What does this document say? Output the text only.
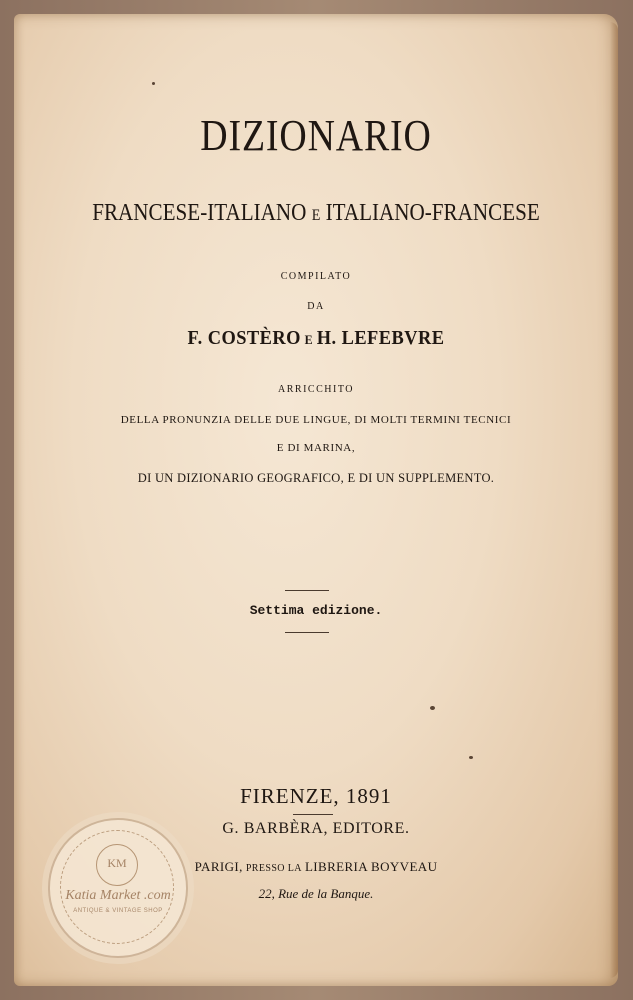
DIZIONARIO
FRANCESE-ITALIANO E ITALIANO-FRANCESE
COMPILATO
DA
F. COSTÈRO E H. LEFEBVRE
ARRICCHITO
DELLA PRONUNZIA DELLE DUE LINGUE, DI MOLTI TERMINI TECNICI
E DI MARINA,
DI UN DIZIONARIO GEOGRAFICO, E DI UN SUPPLEMENTO.
Settima edizione.
FIRENZE, 1891
G. BARBÈRA, EDITORE.
PARIGI, PRESSO LA LIBRERIA BOYVEAU
22, Rue de la Banque.
KM
Katia Market .com
ANTIQUE & VINTAGE SHOP
